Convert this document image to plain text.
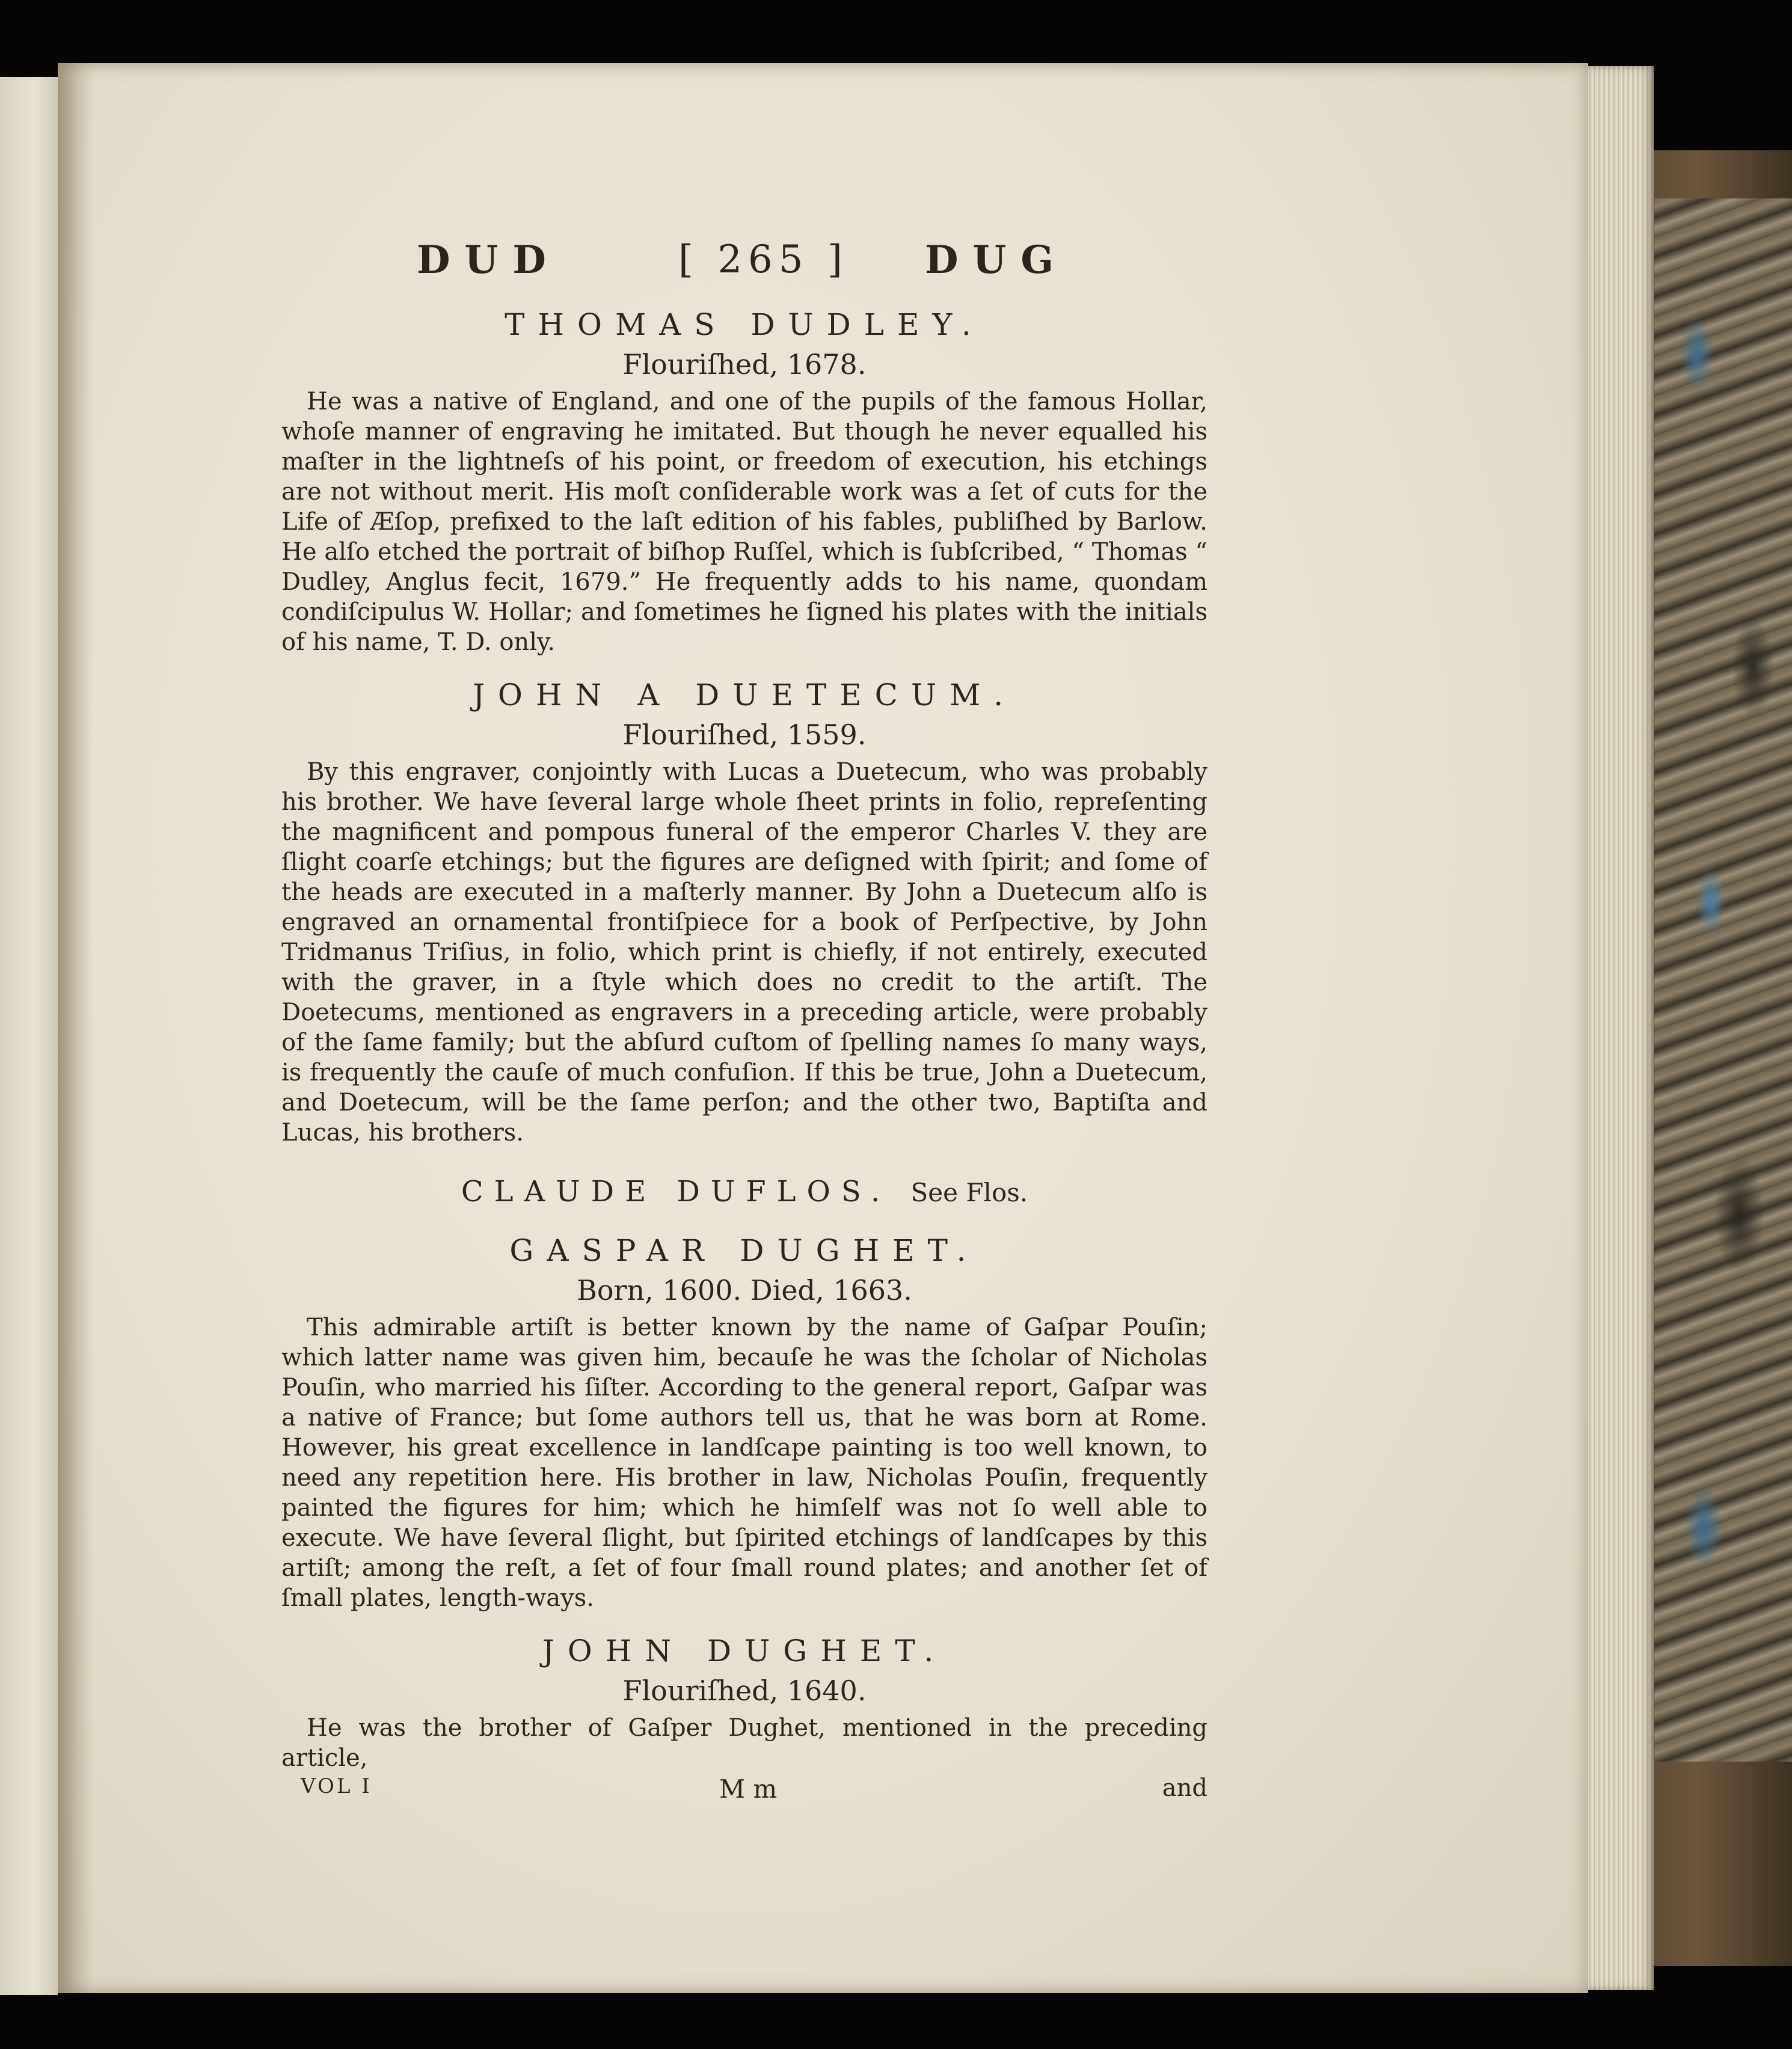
DUD	[ 265 ] DUG
THOMAS DUDLEY.
Flouriſhed, 1678.
He was a native of England, and one of the pupils of the famous Hollar, whoſe manner of engraving he imitated. But though he never equalled his maſter in the lightneſs of his point, or freedom of execution, his etchings are not without merit. His moſt conſiderable work was a ſet of cuts for the Life of Æſop, prefixed to the laſt edition of his fables, publiſhed by Barlow. He alſo etched the portrait of biſhop Ruſſel, which is ſubſcribed, “ Thomas “ Dudley, Anglus fecit, 1679.” He frequently adds to his name, quondam condiſcipulus W. Hollar; and ſometimes he ſigned his plates with the initials of his name, T. D. only.
JOHN A DUETECUM.
Flouriſhed, 1559.
By this engraver, conjointly with Lucas a Duetecum, who was probably his brother. We have ſeveral large whole ſheet prints in folio, repreſenting the magnificent and pompous funeral of the emperor Charles V. they are ſlight coarſe etchings; but the figures are deſigned with ſpirit; and ſome of the heads are executed in a maſterly manner. By John a Duetecum alſo is engraved an ornamental frontiſpiece for a book of Perſpective, by John Tridmanus Triſius, in folio, which print is chiefly, if not entirely, executed with the graver, in a ſtyle which does no credit to the artiſt. The Doetecums, mentioned as engravers in a preceding article, were probably of the ſame family; but the abſurd cuſtom of ſpelling names ſo many ways, is frequently the cauſe of much confuſion. If this be true, John a Duetecum, and Doetecum, will be the ſame perſon; and the other two, Baptiſta and Lucas, his brothers.
CLAUDE DUFLOS. See Flos.
GASPAR DUGHET.
Born, 1600. Died, 1663.
This admirable artiſt is better known by the name of Gaſpar Pouſin; which latter name was given him, becauſe he was the ſcholar of Nicholas Pouſin, who married his ſiſter. According to the general report, Gaſpar was a native of France; but ſome authors tell us, that he was born at Rome. However, his great excellence in landſcape painting is too well known, to need any repetition here. His brother in law, Nicholas Pouſin, frequently painted the figures for him; which he himſelf was not ſo well able to execute. We have ſeveral ſlight, but ſpirited etchings of landſcapes by this artiſt; among the reſt, a ſet of four ſmall round plates; and another ſet of ſmall plates, length-ways.
JOHN DUGHET.
Flouriſhed, 1640.
He was the brother of Gaſper Dughet, mentioned in the preceding article,
VOL I	M m	and
